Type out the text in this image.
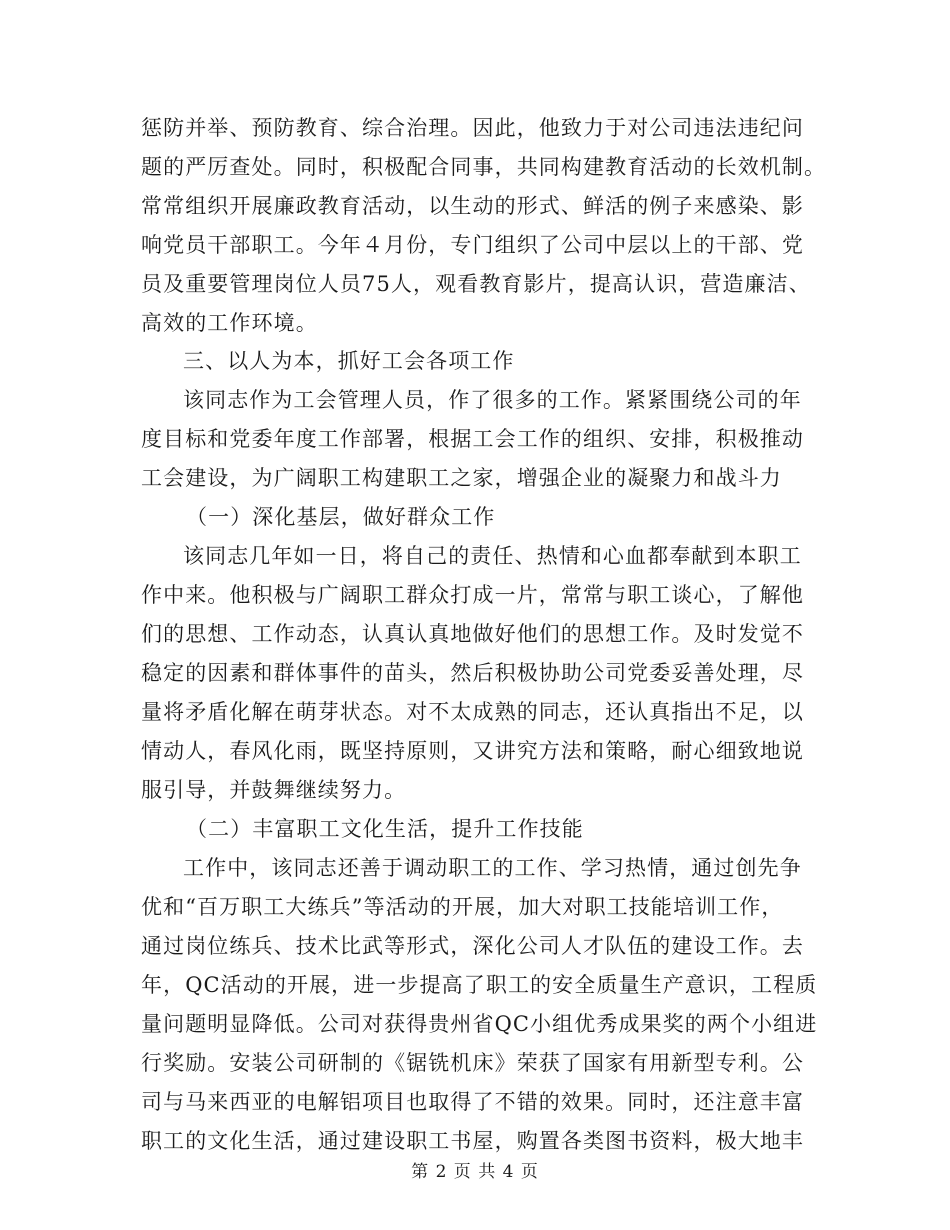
惩防并举、预防教育、综合治理。因此，他致力于对公司违法违纪问
题的严厉查处。同时，积极配合同事，共同构建教育活动的长效机制。
常常组织开展廉政教育活动，以生动的形式、鲜活的例子来感染、影
响党员干部职工。今年４月份，专门组织了公司中层以上的干部、党
员及重要管理岗位人员75人，观看教育影片，提高认识，营造廉洁、
高效的工作环境。
三、以人为本，抓好工会各项工作
该同志作为工会管理人员，作了很多的工作。紧紧围绕公司的年
度目标和党委年度工作部署，根据工会工作的组织、安排，积极推动
工会建设，为广阔职工构建职工之家，增强企业的凝聚力和战斗力
（一）深化基层，做好群众工作
该同志几年如一日，将自己的责任、热情和心血都奉献到本职工
作中来。他积极与广阔职工群众打成一片，常常与职工谈心，了解他
们的思想、工作动态，认真认真地做好他们的思想工作。及时发觉不
稳定的因素和群体事件的苗头，然后积极协助公司党委妥善处理，尽
量将矛盾化解在萌芽状态。对不太成熟的同志，还认真指出不足，以
情动人，春风化雨，既坚持原则，又讲究方法和策略，耐心细致地说
服引导，并鼓舞继续努力。
（二）丰富职工文化生活，提升工作技能
工作中，该同志还善于调动职工的工作、学习热情，通过创先争
优和“百万职工大练兵”等活动的开展，加大对职工技能培训工作，
通过岗位练兵、技术比武等形式，深化公司人才队伍的建设工作。去
年，QC活动的开展，进一步提高了职工的安全质量生产意识，工程质
量问题明显降低。公司对获得贵州省QC小组优秀成果奖的两个小组进
行奖励。安装公司研制的《锯铣机床》荣获了国家有用新型专利。公
司与马来西亚的电解铝项目也取得了不错的效果。同时，还注意丰富
职工的文化生活，通过建设职工书屋，购置各类图书资料，极大地丰
第 2 页 共 4 页
